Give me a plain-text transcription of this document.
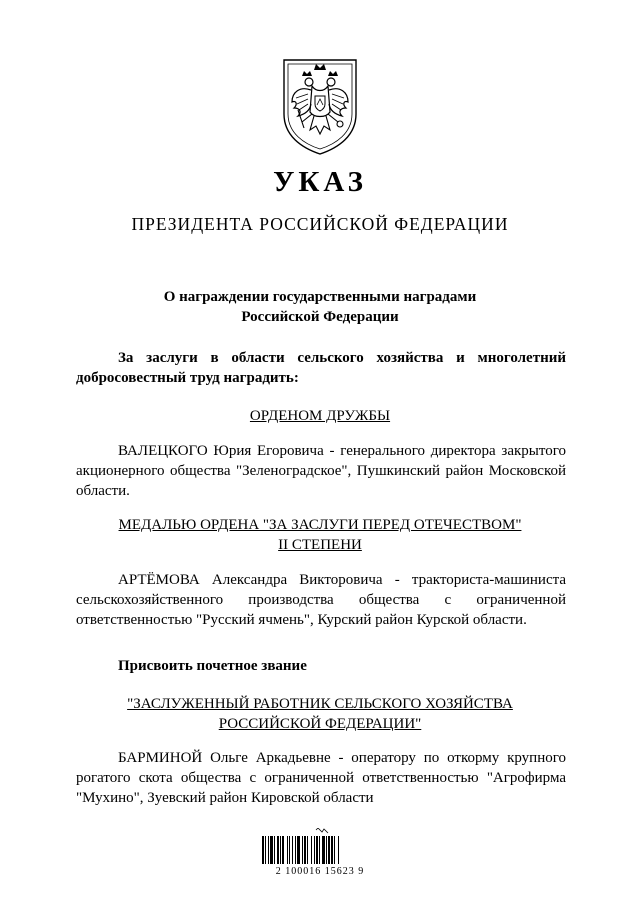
УКАЗ
ПРЕЗИДЕНТА РОССИЙСКОЙ ФЕДЕРАЦИИ
О награждении государственными наградами
Российской Федерации
За заслуги в области сельского хозяйства и многолетний добросовестный труд наградить:
ОРДЕНОМ ДРУЖБЫ
ВАЛЕЦКОГО Юрия Егоровича - генерального директора закрытого акционерного общества "Зеленоградское", Пушкинский район Московской области.
МЕДАЛЬЮ ОРДЕНА "ЗА ЗАСЛУГИ ПЕРЕД ОТЕЧЕСТВОМ"
II СТЕПЕНИ
АРТЁМОВА Александра Викторовича - тракториста-машиниста сельскохозяйственного производства общества с ограниченной ответственностью "Русский ячмень", Курский район Курской области.
Присвоить почетное звание
"ЗАСЛУЖЕННЫЙ РАБОТНИК СЕЛЬСКОГО ХОЗЯЙСТВА
РОССИЙСКОЙ ФЕДЕРАЦИИ"
БАРМИНОЙ Ольге Аркадьевне - оператору по откорму крупного рогатого скота общества с ограниченной ответственностью "Агрофирма "Мухино", Зуевский район Кировской области
2 100016 15623 9
